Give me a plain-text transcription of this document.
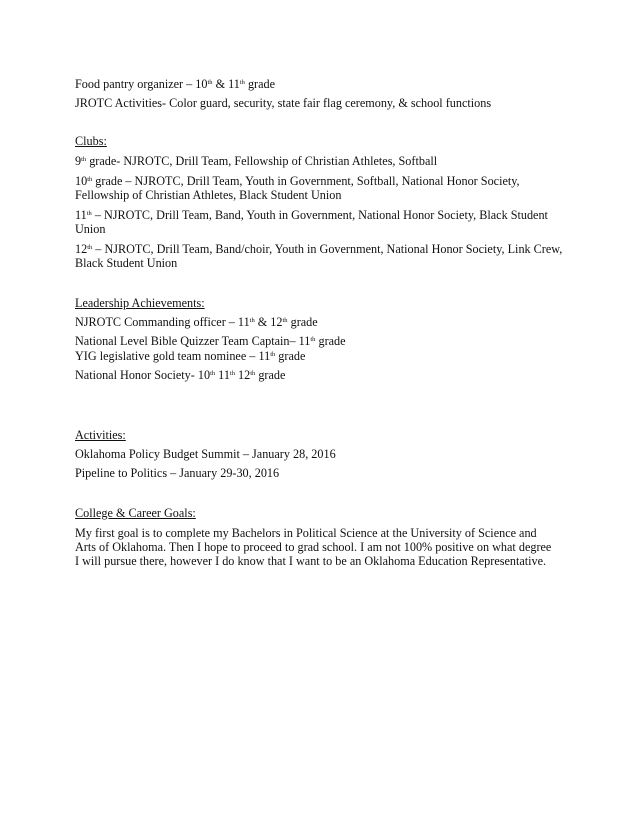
Food pantry organizer – 10th & 11th grade
JROTC Activities- Color guard, security, state fair flag ceremony, & school functions
Clubs:
9th grade- NJROTC, Drill Team, Fellowship of Christian Athletes, Softball
10th grade – NJROTC, Drill Team, Youth in Government, Softball, National Honor Society, Fellowship of Christian Athletes, Black Student Union
11th – NJROTC, Drill Team, Band, Youth in Government, National Honor Society, Black Student Union
12th – NJROTC, Drill Team, Band/choir, Youth in Government, National Honor Society, Link Crew, Black Student Union
Leadership Achievements:
NJROTC Commanding officer – 11th & 12th grade
National Level Bible Quizzer Team Captain– 11th grade
YIG legislative gold team nominee – 11th grade
National Honor Society- 10th 11th 12th grade
Activities:
Oklahoma Policy Budget Summit – January 28, 2016
Pipeline to Politics – January 29-30, 2016
College & Career Goals:
My first goal is to complete my Bachelors in Political Science at the University of Science and Arts of Oklahoma. Then I hope to proceed to grad school. I am not 100% positive on what degree I will pursue there, however I do know that I want to be an Oklahoma Education Representative.
